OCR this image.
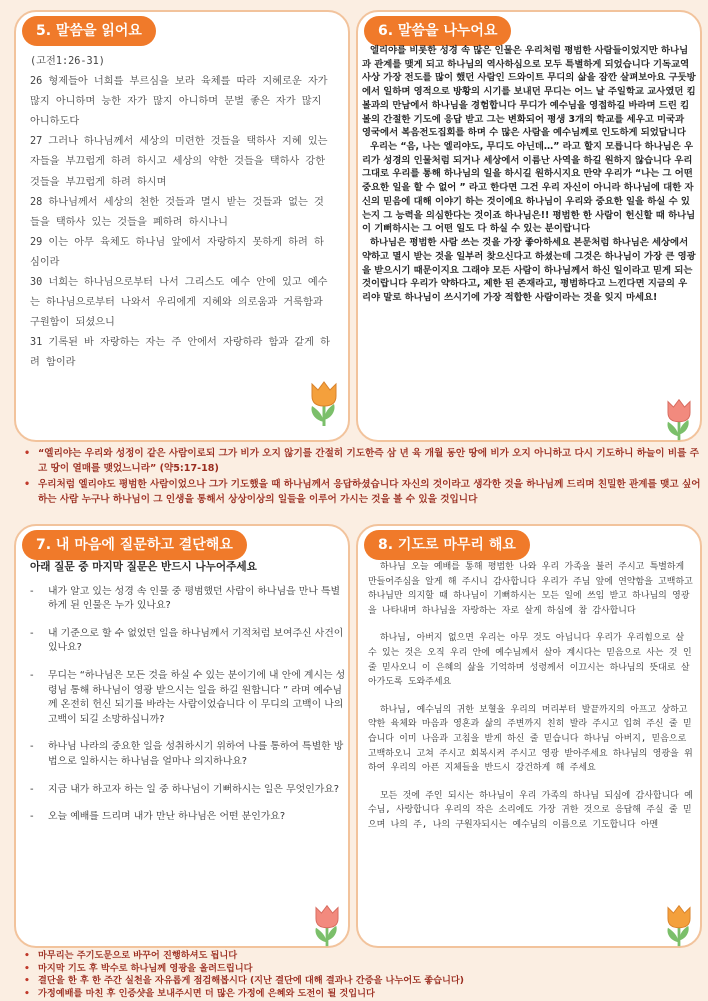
5. 말씀을 읽어요

(고전1:26-31)

26 형제들아 너희를 부르심을 보라 육체를 따라 지혜로운 자가 많지 아니하며 능한 자가 많지 아니하며 문벌 좋은 자가 많지 아니하도다

27 그러나 하나님께서 세상의 미련한 것들을 택하사 지혜 있는 자들을 부끄럽게 하려 하시고 세상의 약한 것들을 택하사 강한 것들을 부끄럽게 하려 하시며

28 하나님께서 세상의 천한 것들과 멸시 받는 것들과 없는 것들을 택하사 있는 것들을 폐하려 하시나니

29 이는 아무 육체도 하나님 앞에서 자랑하지 못하게 하려 하심이라

30 너희는 하나님으로부터 나서 그리스도 예수 안에 있고 예수는 하나님으로부터 나와서 우리에게 지혜와 의로움과 거룩함과 구원함이 되셨으니

31 기록된 바 자랑하는 자는 주 안에서 자랑하라 함과 같게 하려 함이라

6. 말씀을 나누어요

엘리야를 비롯한 성경 속 많은 인물은 우리처럼 평범한 사람들이었지만 하나님과 관계를 맺게 되고 하나님의 역사하심으로 모두 특별하게 되었습니다 기독교역사상 가장 전도를 많이 했던 사람인 드와이트 무디의 삶을 잠깐 살펴보아요 구둣방에서 일하며 영적으로 방황의 시기를 보내던 무디는 어느 날 주일학교 교사였던 킴볼과의 만남에서 하나님을 경험합니다 무디가 예수님을 영접하길 바라며 드린 킴볼의 간절한 기도에 응답 받고 그는 변화되어 평생 3개의 학교를 세우고 미국과 영국에서 복음전도집회를 하며 수 많은 사람을 예수님께로 인도하게 되었답니다

우리는 “음, 나는 엘리야도, 무디도 아닌데…” 라고 할지 모릅니다 하나님은 우리가 성경의 인물처럼 되거나 세상에서 이름난 사역을 하길 원하지 않습니다 우리 그대로 우리를 통해 하나님의 일을 하시길 원하시지요 만약 우리가 “나는 그 어떤 중요한 일을 할 수 없어 ” 라고 한다면 그건 우리 자신이 아니라 하나님에 대한 자신의 믿음에 대해 이야기 하는 것이에요 하나님이 우리와 중요한 일을 하실 수 있는지 그 능력을 의심한다는 것이죠 하나님은!! 평범한 한 사람이 헌신할 때 하나님이 기뻐하시는 그 어떤 일도 다 하실 수 있는 분이랍니다

하나님은 평범한 사람 쓰는 것을 가장 좋아하세요 본문처럼 하나님은 세상에서 약하고 멸시 받는 것을 일부러 찾으신다고 하셨는데 그것은 하나님이 가장 큰 영광을 받으시기 때문이지요 그래야 모든 사람이 하나님께서 하신 일이라고 믿게 되는 것이랍니다 우리가 약하다고, 제한 된 존재라고, 평범하다고 느낀다면 지금의 우리야 말로 하나님이 쓰시기에 가장 적합한 사람이라는 것을 잊지 마세요!

• “엘리야는 우리와 성정이 같은 사람이로되 그가 비가 오지 않기를 간절히 기도한즉 삼 년 육 개월 동안 땅에 비가 오지 아니하고 다시 기도하니 하늘이 비를 주고 땅이 열매를 맺었느니라” (약5:17-18)
• 우리처럼 엘리야도 평범한 사람이었으나 그가 기도했을 때 하나님께서 응답하셨습니다 자신의 것이라고 생각한 것을 하나님께 드리며 친밀한 관계를 맺고 싶어하는 사람 누구나 하나님이 그 인생을 통해서 상상이상의 일들을 이루어 가시는 것을 볼 수 있을 것입니다
7. 내 마음에 질문하고 결단해요

아래 질문 중 마지막 질문은 반드시 나누어주세요

- 내가 알고 있는 성경 속 인물 중 평범했던 사람이 하나님을 만나 특별하게 된 인물은 누가 있나요?
- 내 기준으로 할 수 없었던 일을 하나님께서 기적처럼 보여주신 사건이 있나요?
- 무디는 “하나님은 모든 것을 하실 수 있는 분이기에 내 안에 계시는 성령님 통해 하나님이 영광 받으시는 일을 하길 원합니다 ” 라며 예수님께 온전히 헌신 되기를 바라는 사람이었습니다 이 무디의 고백이 나의 고백이 되길 소망하십니까?
- 하나님 나라의 중요한 일을 성취하시기 위하여 나를 통하여 특별한 방법으로 일하시는 하나님을 얼마나 의지하나요?
- 지금 내가 하고자 하는 일 중 하나님이 기뻐하시는 일은 무엇인가요?
- 오늘 예배를 드리며 내가 만난 하나님은 어떤 분인가요?
8. 기도로 마무리 해요

하나님 오늘 예배를 통해 평범한 나와 우리 가족을 불러 주시고 특별하게 만들어주심을 알게 해 주시니 감사합니다 우리가 주님 앞에 연약함을 고백하고 하나님만 의지할 때 하나님이 기뻐하시는 모든 일에 쓰임 받고 하나님의 영광을 나타내며 하나님을 자랑하는 자로 살게 하심에 참 감사합니다

하나님, 아버지 없으면 우리는 아무 것도 아닙니다 우리가 우리힘으로 살 수 있는 것은 오직 우리 안에 예수님께서 살아 계시다는 믿음으로 사는 것 인줄 믿사오니 이 은혜의 삶을 기억하며 성령께서 이끄시는 하나님의 뜻대로 살아가도록 도와주세요

하나님, 예수님의 귀한 보혈을 우리의 머리부터 발끝까지의 아프고 상하고 약한 육체와 마음과 영혼과 삶의 주변까지 친히 발라 주시고 입혀 주신 줄 믿습니다 이미 나음과 고침을 받게 하신 줄 믿습니다 하나님 아버지, 믿음으로 고백하오니 고쳐 주시고 회복시켜 주시고 영광 받아주세요 하나님의 영광을 위하여 우리의 아픈 지체들을 반드시 강건하게 해 주세요

모든 것에 주인 되시는 하나님이 우리 가족의 하나님 되심에 감사합니다 예수님, 사랑합니다 우리의 작은 소리에도 가장 귀한 것으로 응답해 주실 줄 믿으며 나의 주, 나의 구원자되시는 예수님의 이름으로 기도합니다 아멘

• 마무리는 주기도문으로 바꾸어 진행하셔도 됩니다
• 마지막 기도 후 박수로 하나님께 영광을 올려드립니다
• 결단을 한 후 한 주간 실천을 자유롭게 점검해봅시다 (지난 결단에 대해 결과나 간증을 나누어도 좋습니다)
• 가정예배를 마친 후 인증샷을 보내주시면 더 많은 가정에 은혜와 도전이 될 것입니다
